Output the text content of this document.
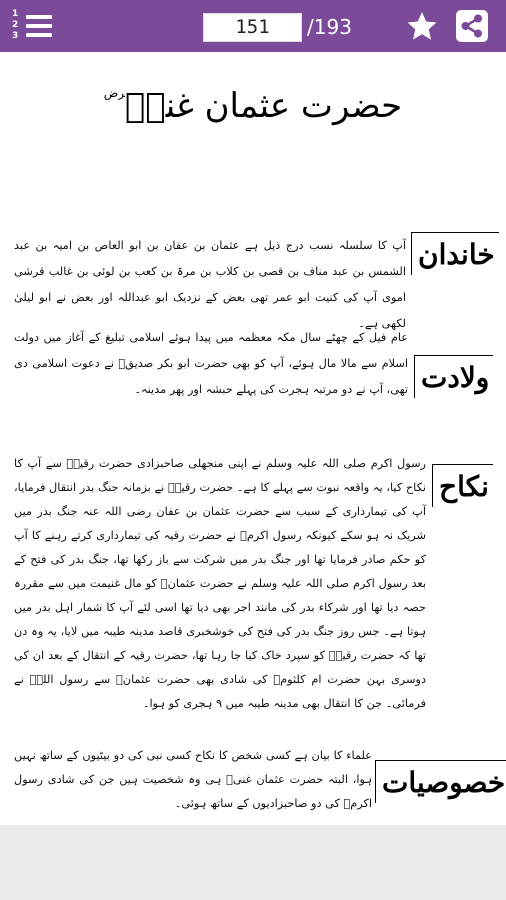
1
2
3	151	/193
حضرت عثمان غنیؓ$^{رض}$
خاندان
آپ کا سلسلہ نسب درج ذیل ہے عثمان بن عفان بن ابو العاص بن امیہ بن عبد الشمس بن عبد مناف بن قصی بن کلاب بن مرۃ بن کعب بن لوئی بن غالب قرشی اموی آپ کی کنیت ابو عمر تھی بعض کے نزدیک ابو عبداللہ اور بعض نے ابو لیلیٰ لکھی ہے۔
ولادت
عام فیل کے چھٹے سال مکہ معظمہ میں پیدا ہوئے اسلامی تبلیغ کے آغاز میں دولت اسلام سے مالا مال ہوئے، آپ کو بھی حضرت ابو بکر صدیقؓ نے دعوت اسلامی دی تھی، آپ نے دو مرتبہ ہجرت کی پہلے حبشہ اور پھر مدینہ۔
نکاح
رسول اکرم صلی اللہ علیہ وسلم نے اپنی منجھلی صاحبزادی حضرت رقیہؓ سے آپ کا نکاح کیا، یہ واقعہ نبوت سے پہلے کا ہے۔ حضرت رقیہؓ نے بزمانہ جنگ بدر انتقال فرمایا، آپ کی تیمارداری کے سبب سے حضرت عثمان بن عفان رضی اللہ عنہ جنگ بدر میں شریک نہ ہو سکے کیونکہ رسول اکرمؐ نے حضرت رقیہ کی تیمارداری کرتے رہنے کا آپ کو حکم صادر فرمایا تھا اور جنگ بدر میں شرکت سے باز رکھا تھا، جنگ بدر کی فتح کے بعد رسول اکرم صلی اللہ علیہ وسلم نے حضرت عثمانؓ کو مال غنیمت میں سے مقررہ حصہ دیا تھا اور شرکاء بدر کی مانند اجر بھی دیا تھا اسی لئے آپ کا شمار اہل بدر میں ہوتا ہے۔ جس روز جنگ بدر کی فتح کی خوشخبری قاصد مدینہ طیبہ میں لایا، یہ وہ دن تھا کہ حضرت رقیہؓ کو سپرد خاک کیا جا رہا تھا، حضرت رقیہ کے انتقال کے بعد ان کی دوسری بہن حضرت ام کلثومؓ کی شادی بھی حضرت عثمانؓ سے رسول اللہؐ نے فرمائی۔ جن کا انتقال بھی مدینہ طیبہ میں ۹ ہجری کو ہوا۔
خصوصیات
علماء کا بیان ہے کسی شخص کا نکاح کسی نبی کی دو بیٹیوں کے ساتھ نہیں ہوا، البتہ حضرت عثمان غنیؓ ہی وہ شخصیت ہیں جن کی شادی رسول اکرمؐ کی دو صاحبزادیوں کے ساتھ ہوئی۔
